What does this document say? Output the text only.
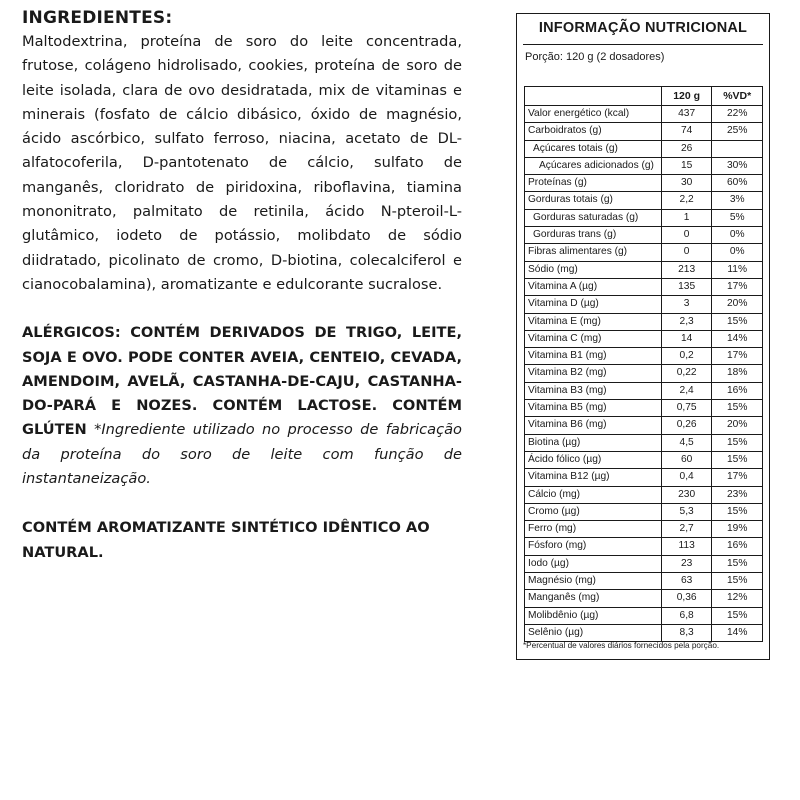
INGREDIENTES:

Maltodextrina, proteína de soro do leite concentrada, frutose, colágeno hidrolisado, cookies, proteína de soro de leite isolada, clara de ovo desidratada, mix de vitaminas e minerais (fosfato de cálcio dibásico, óxido de magnésio, ácido ascórbico, sulfato ferroso, niacina, acetato de DL-alfatocoferila, D-pantotenato de cálcio, sulfato de manganês, cloridrato de piridoxina, riboflavina, tiamina mononitrato, palmitato de retinila, ácido N-pteroil-L-glutâmico, iodeto de potássio, molibdato de sódio diidratado, picolinato de cromo, D-biotina, colecalciferol e cianocobalamina), aromatizante e edulcorante sucralose.

ALÉRGICOS: CONTÉM DERIVADOS DE TRIGO, LEITE, SOJA E OVO. PODE CONTER AVEIA, CENTEIO, CEVADA, AMENDOIM, AVELÃ, CASTANHA-DE-CAJU, CASTANHA-DO-PARÁ E NOZES. CONTÉM LACTOSE. CONTÉM GLÚTEN *Ingrediente utilizado no processo de fabricação da proteína do soro de leite com função de instantaneização.

CONTÉM AROMATIZANTE SINTÉTICO IDÊNTICO AO NATURAL.
INFORMAÇÃO NUTRICIONAL
Porção: 120 g (2 dosadores)
	120 g	%VD*
Valor energético (kcal)	437	22%
Carboidratos (g)	74	25%
Açúcares totais (g)	26	
Açúcares adicionados (g)	15	30%
Proteínas (g)	30	60%
Gorduras totais (g)	2,2	3%
Gorduras saturadas (g)	1	5%
Gorduras trans (g)	0	0%
Fibras alimentares (g)	0	0%
Sódio (mg)	213	11%
Vitamina A (µg)	135	17%
Vitamina D (µg)	3	20%
Vitamina E (mg)	2,3	15%
Vitamina C (mg)	14	14%
Vitamina B1 (mg)	0,2	17%
Vitamina B2 (mg)	0,22	18%
Vitamina B3 (mg)	2,4	16%
Vitamina B5 (mg)	0,75	15%
Vitamina B6 (mg)	0,26	20%
Biotina (µg)	4,5	15%
Ácido fólico (µg)	60	15%
Vitamina B12 (µg)	0,4	17%
Cálcio (mg)	230	23%
Cromo (µg)	5,3	15%
Ferro (mg)	2,7	19%
Fósforo (mg)	113	16%
Iodo (µg)	23	15%
Magnésio (mg)	63	15%
Manganês (mg)	0,36	12%
Molibdênio (µg)	6,8	15%
Selênio (µg)	8,3	14%
*Percentual de valores diários fornecidos pela porção.
